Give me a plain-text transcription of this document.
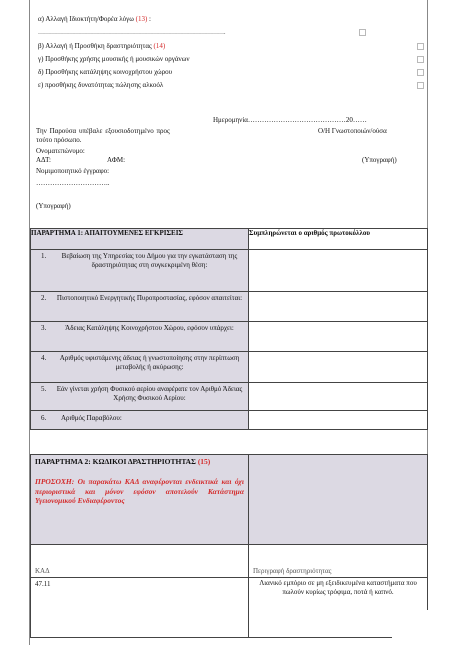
α) Αλλαγή Ιδιοκτήτη/Φορέα λόγω (13) :
………………………………………………………………………………….
β) Αλλαγή ή Προσθήκη δραστηριότητας (14)
γ) Προσθήκης χρήσης μουσικής ή μουσικών οργάνων
δ) Προσθήκης κατάληψης κοινοχρήστου χώρου
ε) προσθήκης δυνατότητας πώλησης αλκοόλ
Ημερομηνία……………………………………20……
Την Παρούσα υπέβαλε εξουσιοδοτημένο προς	Ο/Η Γνωστοποιών/ούσα
τούτο πρόσωπο.
Ονοματεπώνυμο:
ΑΔΤ:	ΑΦΜ:	(Υπογραφή)
Νομιμοποιητικό έγγραφο:
…………………………..
(Υπογραφή)
ΠΑΡΑΡΤΗΜΑ 1: ΑΠΑΙΤΟΥΜΕΝΕΣ ΕΓΚΡΙΣΕΙΣ	Συμπληρώνεται ο αριθμός πρωτοκόλλου

1. Βεβαίωση της Υπηρεσίας του Δήμου για την εγκατάσταση της δραστηριότητας στη συγκεκριμένη θέση:	

2. Πιστοποιητικό Ενεργητικής Πυροπροστασίας, εφόσον απαιτείται:	

3. Άδειας Κατάληψης Κοινοχρήστου Χώρου, εφόσον υπάρχει:	

4. Αριθμός υφιστάμενης άδειας ή γνωστοποίησης στην περίπτωση μεταβολής ή ακύρωσης:	

5. Εάν γίνεται χρήση Φυσικού αερίου αναφέρατε τον Αριθμό Άδειας Χρήσης Φυσικού Αερίου:	

6. Αριθμός Παραβόλου:	

ΠΑΡΑΡΤΗΜΑ 2: ΚΩΔΙΚΟΙ ΔΡΑΣΤΗΡΙΟΤΗΤΑΣ (15)
ΠΡΟΣΟΧΗ: Οι παρακάτω ΚΑΔ αναφέρονται ενδεικτικά και όχι περιοριστικά και μόνον εφόσον αποτελούν Κατάστημα Υγειονομικού Ενδιαφέροντος	

ΚΑΔ	Περιγραφή δραστηριότητας
47.11	Λιανικό εμπόριο σε μη εξειδικευμένα καταστήματα που πωλούν κυρίως τρόφιμα, ποτά ή καπνό.
